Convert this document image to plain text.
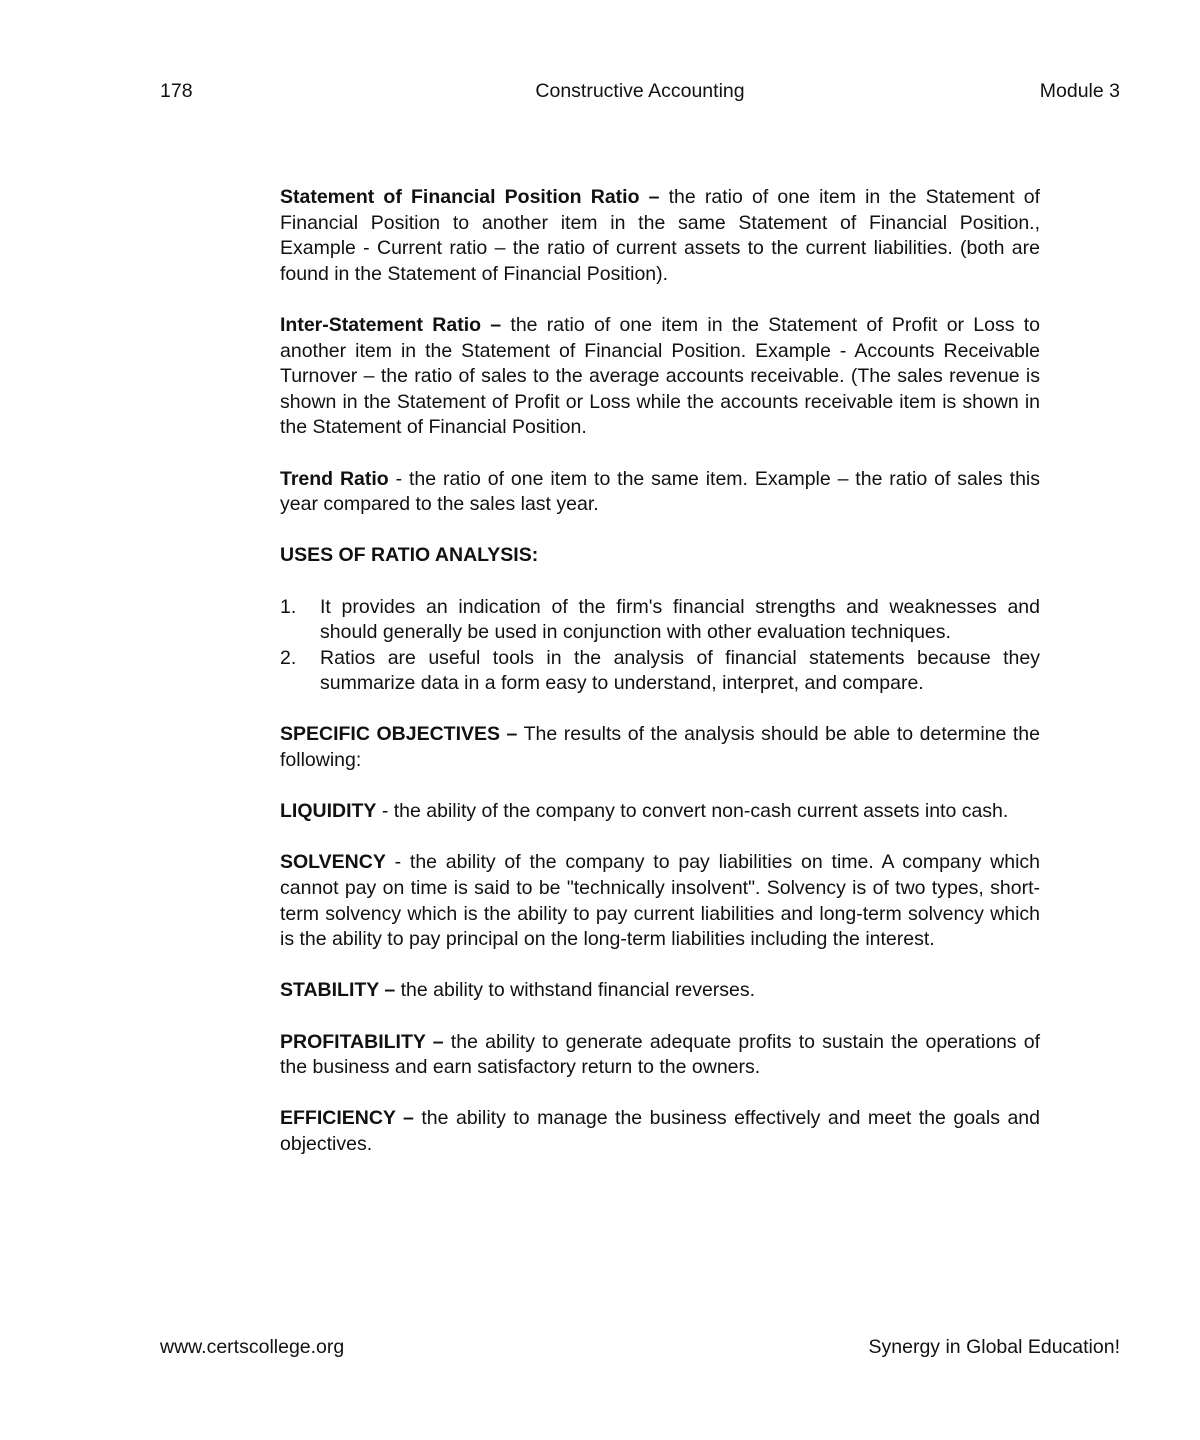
Constructive Accounting
178	Module 3

Statement of Financial Position Ratio – the ratio of one item in the Statement of Financial Position to another item in the same Statement of Financial Position., Example - Current ratio – the ratio of current assets to the current liabilities. (both are found in the Statement of Financial Position).

Inter-Statement Ratio – the ratio of one item in the Statement of Profit or Loss to another item in the Statement of Financial Position. Example - Accounts Receivable Turnover – the ratio of sales to the average accounts receivable. (The sales revenue is shown in the Statement of Profit or Loss while the accounts receivable item is shown in the Statement of Financial Position.

Trend Ratio - the ratio of one item to the same item. Example – the ratio of sales this year compared to the sales last year.

USES OF RATIO ANALYSIS:
1. It provides an indication of the firm's financial strengths and weaknesses and should generally be used in conjunction with other evaluation techniques.
2. Ratios are useful tools in the analysis of financial statements because they summarize data in a form easy to understand, interpret, and compare.

SPECIFIC OBJECTIVES – The results of the analysis should be able to determine the following:

LIQUIDITY - the ability of the company to convert non-cash current assets into cash.

SOLVENCY - the ability of the company to pay liabilities on time. A company which cannot pay on time is said to be "technically insolvent". Solvency is of two types, short-term solvency which is the ability to pay current liabilities and long-term solvency which is the ability to pay principal on the long-term liabilities including the interest.

STABILITY – the ability to withstand financial reverses.

PROFITABILITY – the ability to generate adequate profits to sustain the operations of the business and earn satisfactory return to the owners.

EFFICIENCY – the ability to manage the business effectively and meet the goals and objectives.

www.certscollege.org	Synergy in Global Education!
